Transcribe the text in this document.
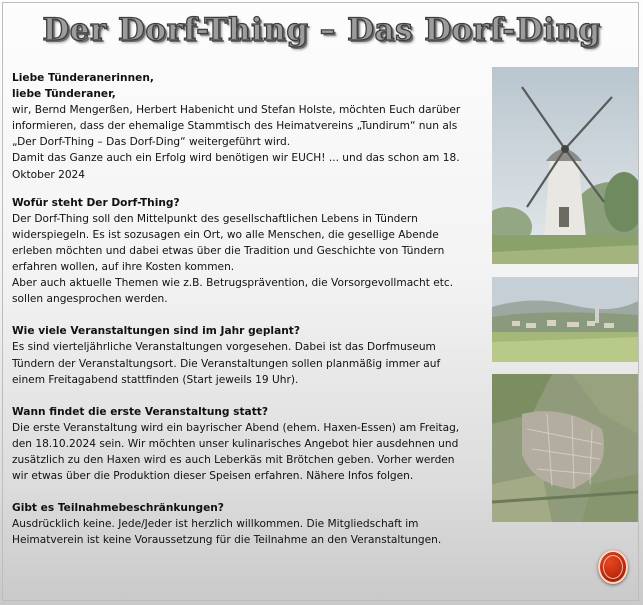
Der Dorf-Thing – Das Dorf-Ding

Liebe Tünderanerinnen,

liebe Tünderaner,

wir, Bernd Mengerßen, Herbert Habenicht und Stefan Holste, möchten Euch darüber

informieren, dass der ehemalige Stammtisch des Heimatvereins „Tundirum“ nun als

„Der Dorf-Thing – Das Dorf-Ding“ weitergeführt wird.

Damit das Ganze auch ein Erfolg wird benötigen wir EUCH! ... und das schon am 18.

Oktober 2024

Wofür steht Der Dorf-Thing?

Der Dorf-Thing soll den Mittelpunkt des gesellschaftlichen Lebens in Tündern

widerspiegeln. Es ist sozusagen ein Ort, wo alle Menschen, die gesellige Abende

erleben möchten und dabei etwas über die Tradition und Geschichte von Tündern

erfahren wollen, auf ihre Kosten kommen.

Aber auch aktuelle Themen wie z.B. Betrugsprävention, die Vorsorgevollmacht etc.

sollen angesprochen werden.

Wie viele Veranstaltungen sind im Jahr geplant?

Es sind vierteljährliche Veranstaltungen vorgesehen. Dabei ist das Dorfmuseum

Tündern der Veranstaltungsort. Die Veranstaltungen sollen planmäßig immer auf

einem Freitagabend stattfinden (Start jeweils 19 Uhr).

Wann findet die erste Veranstaltung statt?

Die erste Veranstaltung wird ein bayrischer Abend (ehem. Haxen-Essen) am Freitag,

den 18.10.2024 sein. Wir möchten unser kulinarisches Angebot hier ausdehnen und

zusätzlich zu den Haxen wird es auch Leberkäs mit Brötchen geben. Vorher werden

wir etwas über die Produktion dieser Speisen erfahren. Nähere Infos folgen.

Gibt es Teilnahmebeschränkungen?

Ausdrücklich keine. Jede/Jeder ist herzlich willkommen. Die Mitgliedschaft im

Heimatverein ist keine Voraussetzung für die Teilnahme an den Veranstaltungen.
